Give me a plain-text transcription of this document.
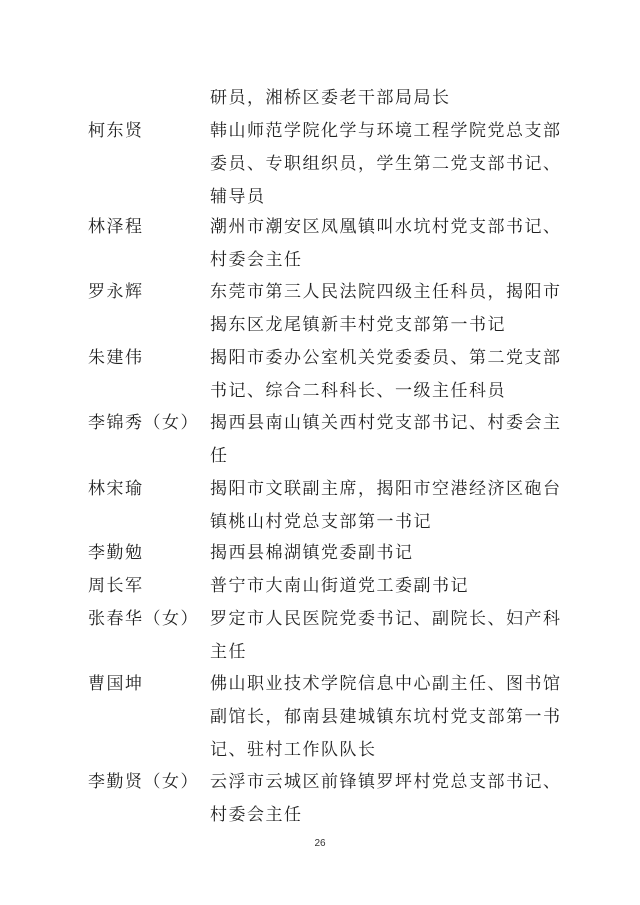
研员，湘桥区委老干部局局长
柯东贤	韩山师范学院化学与环境工程学院党总支部
委员、专职组织员，学生第二党支部书记、
辅导员
林泽程	潮州市潮安区凤凰镇叫水坑村党支部书记、
村委会主任
罗永辉	东莞市第三人民法院四级主任科员，揭阳市
揭东区龙尾镇新丰村党支部第一书记
朱建伟	揭阳市委办公室机关党委委员、第二党支部
书记、综合二科科长、一级主任科员
李锦秀（女） 揭西县南山镇关西村党支部书记、村委会主
任
林宋瑜	揭阳市文联副主席，揭阳市空港经济区砲台
镇桃山村党总支部第一书记
李勤勉	揭西县棉湖镇党委副书记
周长军	普宁市大南山街道党工委副书记
张春华（女） 罗定市人民医院党委书记、副院长、妇产科
主任
曹国坤	佛山职业技术学院信息中心副主任、图书馆
副馆长，郁南县建城镇东坑村党支部第一书
记、驻村工作队队长
李勤贤（女） 云浮市云城区前锋镇罗坪村党总支部书记、
村委会主任
26
